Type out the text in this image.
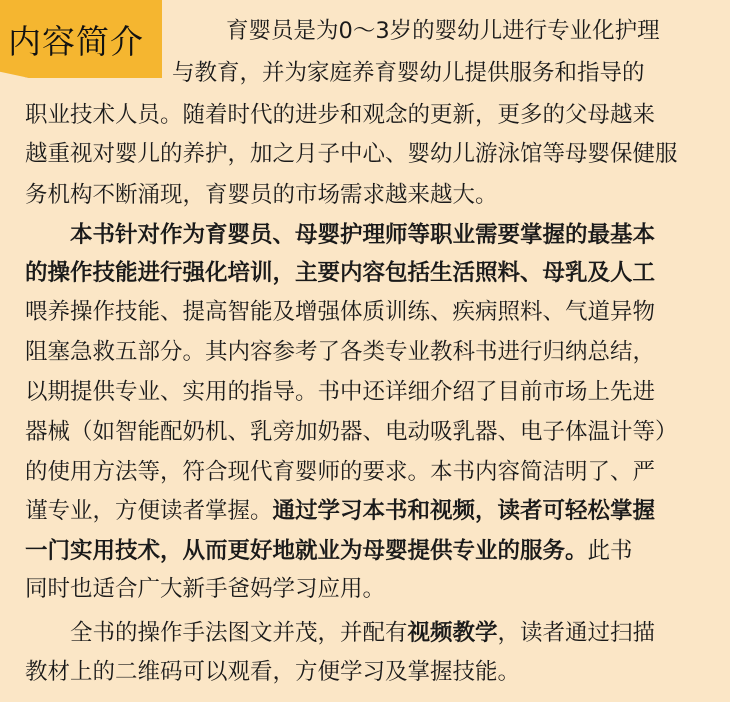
内容简介	育婴员是为0～3岁的婴幼儿进行专业化护理
与教育，并为家庭养育婴幼儿提供服务和指导的
职业技术人员。随着时代的进步和观念的更新，更多的父母越来
越重视对婴儿的养护，加之月子中心、婴幼儿游泳馆等母婴保健服
务机构不断涌现，育婴员的市场需求越来越大。
本书针对作为育婴员、母婴护理师等职业需要掌握的最基本
的操作技能进行强化培训，主要内容包括生活照料、母乳及人工
喂养操作技能、提高智能及增强体质训练、疾病照料、气道异物
阻塞急救五部分。其内容参考了各类专业教科书进行归纳总结，
以期提供专业、实用的指导。书中还详细介绍了目前市场上先进
器械（如智能配奶机、乳旁加奶器、电动吸乳器、电子体温计等）
的使用方法等，符合现代育婴师的要求。本书内容简洁明了、严
谨专业，方便读者掌握。通过学习本书和视频，读者可轻松掌握
一门实用技术，从而更好地就业为母婴提供专业的服务。此书
同时也适合广大新手爸妈学习应用。
全书的操作手法图文并茂，并配有视频教学，读者通过扫描
教材上的二维码可以观看，方便学习及掌握技能。
